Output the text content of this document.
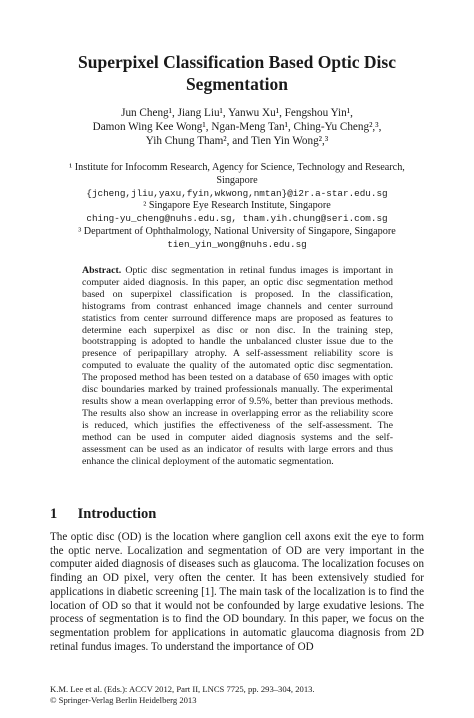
Superpixel Classification Based Optic Disc Segmentation
Jun Cheng¹, Jiang Liu¹, Yanwu Xu¹, Fengshou Yin¹,
Damon Wing Kee Wong¹, Ngan-Meng Tan¹, Ching-Yu Cheng²,³,
Yih Chung Tham², and Tien Yin Wong²,³
¹ Institute for Infocomm Research, Agency for Science, Technology and Research,
Singapore
{jcheng,jliu,yaxu,fyin,wkwong,nmtan}@i2r.a-star.edu.sg
² Singapore Eye Research Institute, Singapore
ching-yu_cheng@nuhs.edu.sg, tham.yih.chung@seri.com.sg
³ Department of Ophthalmology, National University of Singapore, Singapore
tien_yin_wong@nuhs.edu.sg
Abstract. Optic disc segmentation in retinal fundus images is important in computer aided diagnosis. In this paper, an optic disc segmentation method based on superpixel classification is proposed. In the classification, histograms from contrast enhanced image channels and center surround statistics from center surround difference maps are proposed as features to determine each superpixel as disc or non disc. In the training step, bootstrapping is adopted to handle the unbalanced cluster issue due to the presence of peripapillary atrophy. A self-assessment reliability score is computed to evaluate the quality of the automated optic disc segmentation. The proposed method has been tested on a database of 650 images with optic disc boundaries marked by trained professionals manually. The experimental results show a mean overlapping error of 9.5%, better than previous methods. The results also show an increase in overlapping error as the reliability score is reduced, which justifies the effectiveness of the self-assessment. The method can be used in computer aided diagnosis systems and the self-assessment can be used as an indicator of results with large errors and thus enhance the clinical deployment of the automatic segmentation.
1 Introduction
The optic disc (OD) is the location where ganglion cell axons exit the eye to form the optic nerve. Localization and segmentation of OD are very important in the computer aided diagnosis of diseases such as glaucoma. The localization focuses on finding an OD pixel, very often the center. It has been extensively studied for applications in diabetic screening [1]. The main task of the localization is to find the location of OD so that it would not be confounded by large exudative lesions. The process of segmentation is to find the OD boundary. In this paper, we focus on the segmentation problem for applications in automatic glaucoma diagnosis from 2D retinal fundus images. To understand the importance of OD
K.M. Lee et al. (Eds.): ACCV 2012, Part II, LNCS 7725, pp. 293–304, 2013.
© Springer-Verlag Berlin Heidelberg 2013
